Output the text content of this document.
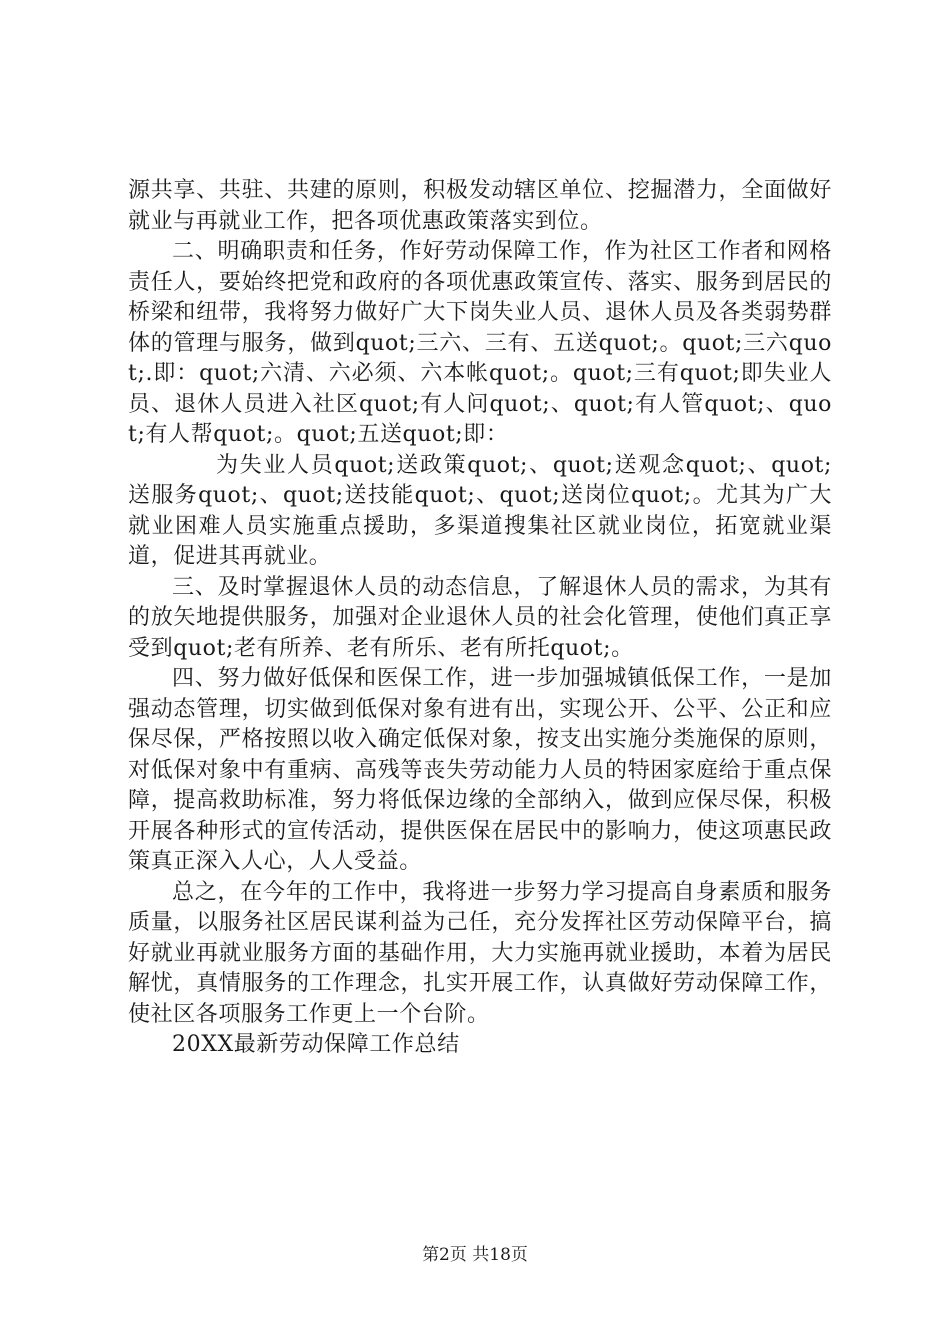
源共享、共驻、共建的原则，积极发动辖区单位、挖掘潜力，全面做好就业与再就业工作，把各项优惠政策落实到位。

二、明确职责和任务，作好劳动保障工作，作为社区工作者和网格责任人，要始终把党和政府的各项优惠政策宣传、落实、服务到居民的桥梁和纽带，我将努力做好广大下岗失业人员、退休人员及各类弱势群体的管理与服务，做到quot;三六、三有、五送quot;。quot;三六quot;.即：quot;六清、六必须、六本帐quot;。quot;三有quot;即失业人员、退休人员进入社区quot;有人问quot;、quot;有人管quot;、quot;有人帮quot;。quot;五送quot;即：

为失业人员quot;送政策quot;、quot;送观念quot;、quot;送服务quot;、quot;送技能quot;、quot;送岗位quot;。尤其为广大就业困难人员实施重点援助，多渠道搜集社区就业岗位，拓宽就业渠道，促进其再就业。

三、及时掌握退休人员的动态信息，了解退休人员的需求，为其有的放矢地提供服务，加强对企业退休人员的社会化管理，使他们真正享受到quot;老有所养、老有所乐、老有所托quot;。

四、努力做好低保和医保工作，进一步加强城镇低保工作，一是加强动态管理，切实做到低保对象有进有出，实现公开、公平、公正和应保尽保，严格按照以收入确定低保对象，按支出实施分类施保的原则，对低保对象中有重病、高残等丧失劳动能力人员的特困家庭给于重点保障，提高救助标准，努力将低保边缘的全部纳入，做到应保尽保，积极开展各种形式的宣传活动，提供医保在居民中的影响力，使这项惠民政策真正深入人心，人人受益。

总之，在今年的工作中，我将进一步努力学习提高自身素质和服务质量，以服务社区居民谋利益为己任，充分发挥社区劳动保障平台，搞好就业再就业服务方面的基础作用，大力实施再就业援助，本着为居民解忧，真情服务的工作理念，扎实开展工作，认真做好劳动保障工作，使社区各项服务工作更上一个台阶。

20XX最新劳动保障工作总结

第2页 共18页
